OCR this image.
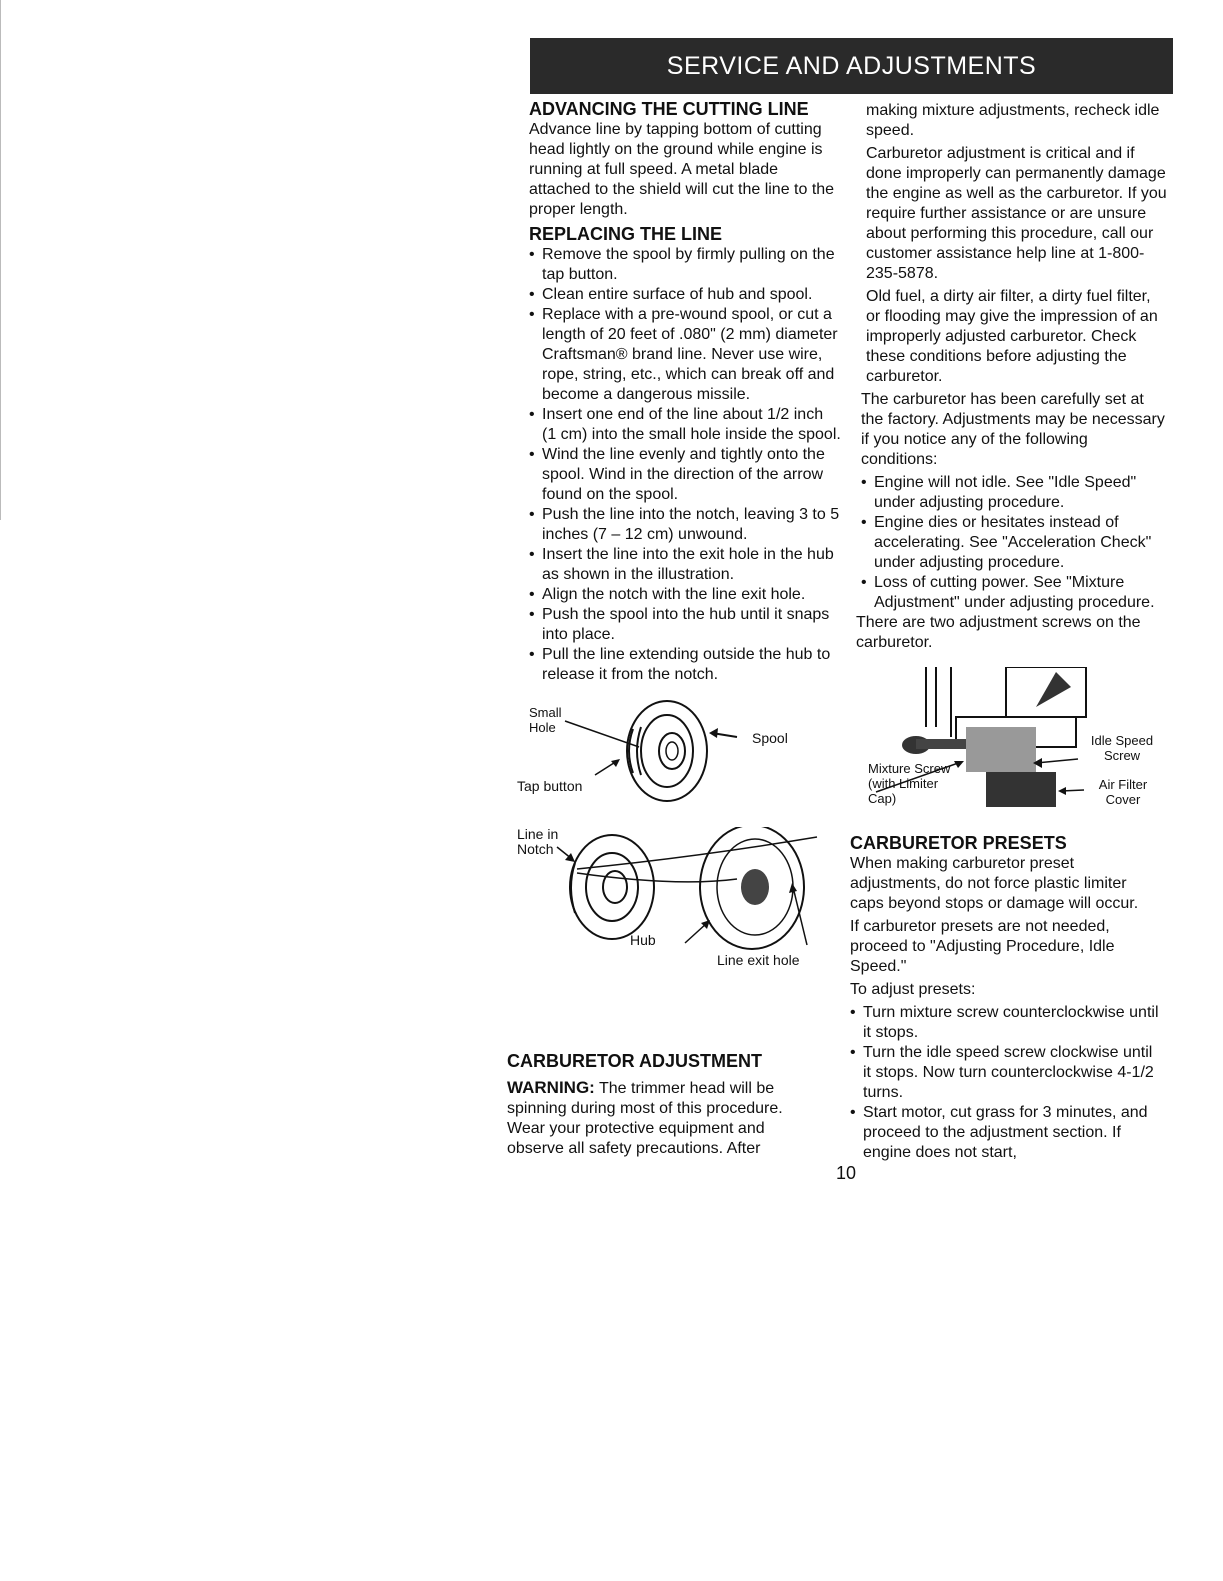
SERVICE AND ADJUSTMENTS
ADVANCING THE CUTTING LINE

Advance line by tapping bottom of cutting head lightly on the ground while engine is running at full speed. A metal blade attached to the shield will cut the line to the proper length.

REPLACING THE LINE
• Remove the spool by firmly pulling on the tap button.
• Clean entire surface of hub and spool.
• Replace with a pre-wound spool, or cut a length of 20 feet of .080" (2 mm) diameter Craftsman® brand line. Never use wire, rope, string, etc., which can break off and become a dangerous missile.
• Insert one end of the line about 1/2 inch (1 cm) into the small hole inside the spool.
• Wind the line evenly and tightly onto the spool. Wind in the direction of the arrow found on the spool.
• Push the line into the notch, leaving 3 to 5 inches (7 – 12 cm) unwound.
• Insert the line into the exit hole in the hub as shown in the illustration.
• Align the notch with the line exit hole.
• Push the spool into the hub until it snaps into place.
• Pull the line extending outside the hub to release it from the notch.
Small Hole
Spool
Tap button
Line in Notch
Hub
Line exit hole
CARBURETOR ADJUSTMENT

WARNING: The trimmer head will be spinning during most of this procedure. Wear your protective equipment and observe all safety precautions. After

making mixture adjustments, recheck idle speed.

Carburetor adjustment is critical and if done improperly can permanently damage the engine as well as the carburetor. If you require further assistance or are unsure about performing this procedure, call our customer assistance help line at 1-800-235-5878.

Old fuel, a dirty air filter, a dirty fuel filter, or flooding may give the impression of an improperly adjusted carburetor. Check these conditions before adjusting the carburetor.

The carburetor has been carefully set at the factory. Adjustments may be necessary if you notice any of the following conditions:

• Engine will not idle. See "Idle Speed" under adjusting procedure.
• Engine dies or hesitates instead of accelerating. See "Acceleration Check" under adjusting procedure.
• Loss of cutting power. See "Mixture Adjustment" under adjusting procedure.

There are two adjustment screws on the carburetor.

Mixture Screw (with Limiter Cap)
Idle Speed Screw
Air Filter Cover
CARBURETOR PRESETS

When making carburetor preset adjustments, do not force plastic limiter caps beyond stops or damage will occur.

If carburetor presets are not needed, proceed to "Adjusting Procedure, Idle Speed."

To adjust presets:

• Turn mixture screw counterclockwise until it stops.
• Turn the idle speed screw clockwise until it stops. Now turn counterclockwise 4-1/2 turns.
• Start motor, cut grass for 3 minutes, and proceed to the adjustment section. If engine does not start,
10
